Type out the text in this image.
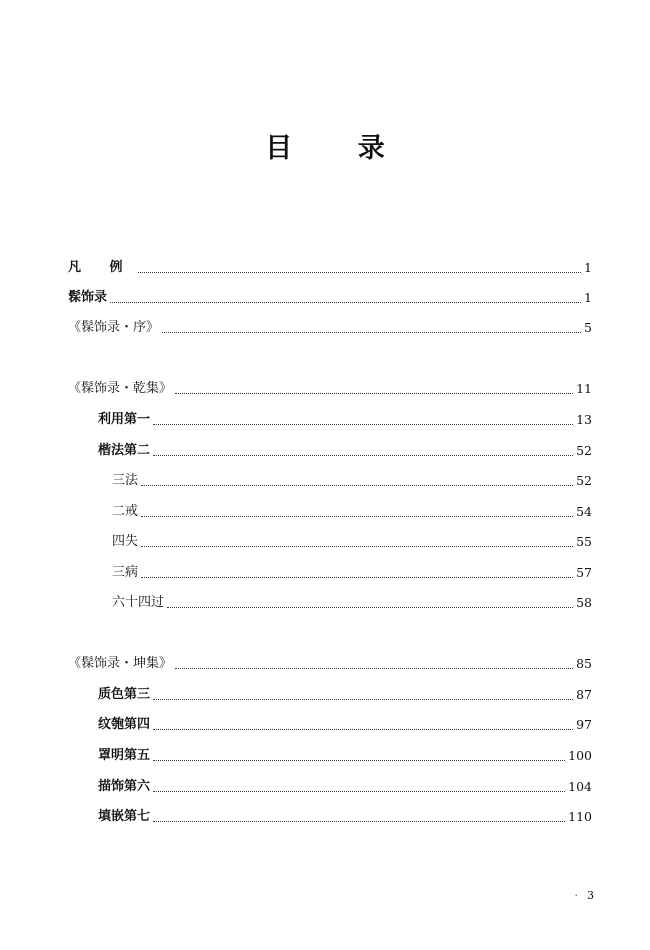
目 录
凡 例	1
髹饰录	1
《髹饰录・序》	5
《髹饰录・乾集》	11
利用第一	13
楷法第二	52
三法	52
二戒	54
四失	55
三病	57
六十四过	58
《髹饰录・坤集》	85
质色第三	87
纹匏第四	97
罩明第五	100
描饰第六	104
填嵌第七	110
· 3
